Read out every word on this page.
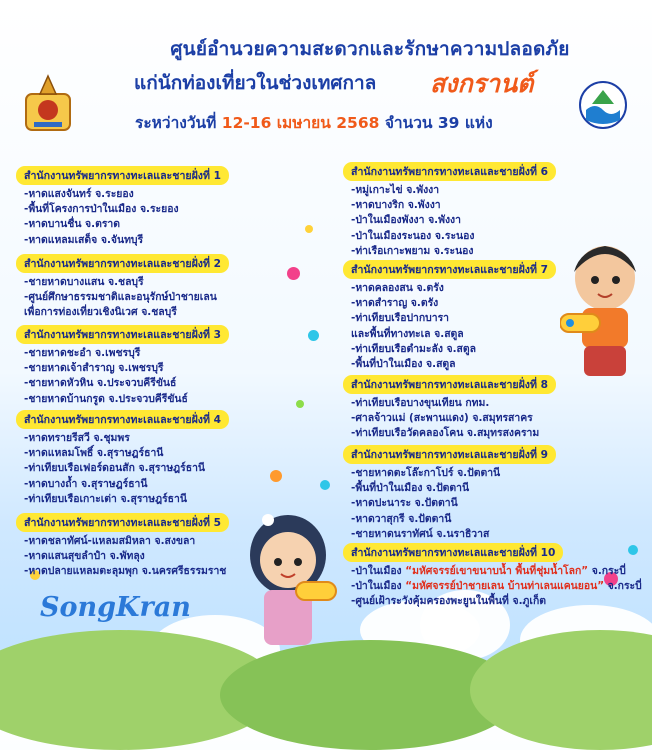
ศูนย์อำนวยความสะดวกและรักษาความปลอดภัย
แก่นักท่องเที่ยวในช่วงเทศกาล สงกรานต์
ระหว่างวันที่ 12-16 เมษายน 2568 จำนวน 39 แห่ง
สำนักงานทรัพยากรทางทะเลและชายฝั่งที่ 1
-หาดแสงจันทร์ จ.ระยอง
-พื้นที่โครงการป่าในเมือง จ.ระยอง
-หาดบานชื่น จ.ตราด
-หาดแหลมเสด็จ จ.จันทบุรี
สำนักงานทรัพยากรทางทะเลและชายฝั่งที่ 2
-ชายหาดบางแสน จ.ชลบุรี
-ศูนย์ศึกษาธรรมชาติและอนุรักษ์ป่าชายเลน
เพื่อการท่องเที่ยวเชิงนิเวศ จ.ชลบุรี
สำนักงานทรัพยากรทางทะเลและชายฝั่งที่ 3
-ชายหาดชะอำ จ.เพชรบุรี
-ชายหาดเจ้าสำราญ จ.เพชรบุรี
-ชายหาดหัวหิน จ.ประจวบคีรีขันธ์
-ชายหาดบ้านกรูด จ.ประจวบคีรีขันธ์
สำนักงานทรัพยากรทางทะเลและชายฝั่งที่ 4
-หาดทรายรีสวี จ.ชุมพร
-หาดแหลมโพธิ์ จ.สุราษฎร์ธานี
-ท่าเทียบเรือเฟอร์ดอนสัก จ.สุราษฎร์ธานี
-หาดบางถ้ำ จ.สุราษฎร์ธานี
-ท่าเทียบเรือเกาะเต่า จ.สุราษฎร์ธานี
สำนักงานทรัพยากรทางทะเลและชายฝั่งที่ 5
-หาดชลาทัศน์-แหลมสมิหลา จ.สงขลา
-หาดแสนสุขลำปำ จ.พัทลุง
-หาดปลายแหลมตะลุมพุก จ.นครศรีธรรมราช
สำนักงานทรัพยากรทางทะเลและชายฝั่งที่ 6
-หมู่เกาะไข่ จ.พังงา
-หาดบางริก จ.พังงา
-ป่าในเมืองพังงา จ.พังงา
-ป่าในเมืองระนอง จ.ระนอง
-ท่าเรือเกาะพยาม จ.ระนอง
สำนักงานทรัพยากรทางทะเลและชายฝั่งที่ 7
-หาดคลองสน จ.ตรัง
-หาดสำราญ จ.ตรัง
-ท่าเทียบเรือปากบารา
และพื้นที่ทางทะเล จ.สตูล
-ท่าเทียบเรือตำมะลัง จ.สตูล
-พื้นที่ป่าในเมือง จ.สตูล
สำนักงานทรัพยากรทางทะเลและชายฝั่งที่ 8
-ท่าเทียบเรือบางขุนเทียน กทม.
-ศาลจ้าวแม่ (สะพานแดง) จ.สมุทรสาคร
-ท่าเทียบเรือวัดคลองโคน จ.สมุทรสงคราม
สำนักงานทรัพยากรทางทะเลและชายฝั่งที่ 9
-ชายหาดตะโล๊ะกาโปร์ จ.ปัตตานี
-พื้นที่ป่าในเมือง จ.ปัตตานี
-หาดปะนาระ จ.ปัตตานี
-หาดวาสุกรี จ.ปัตตานี
-ชายหาดนราทัศน์ จ.นราธิวาส
สำนักงานทรัพยากรทางทะเลและชายฝั่งที่ 10
-ป่าในเมือง “มหัศจรรย์เขาขนาบน้ำ พื้นที่ชุ่มน้ำโลก” จ.กระบี่
-ป่าในเมือง “มหัศจรรย์ป่าชายเลน บ้านท่าเลนแคนยอน” จ.กระบี่
-ศูนย์เฝ้าระวังคุ้มครองพะยูนในพื้นที่ จ.ภูเก็ต
SongKran
